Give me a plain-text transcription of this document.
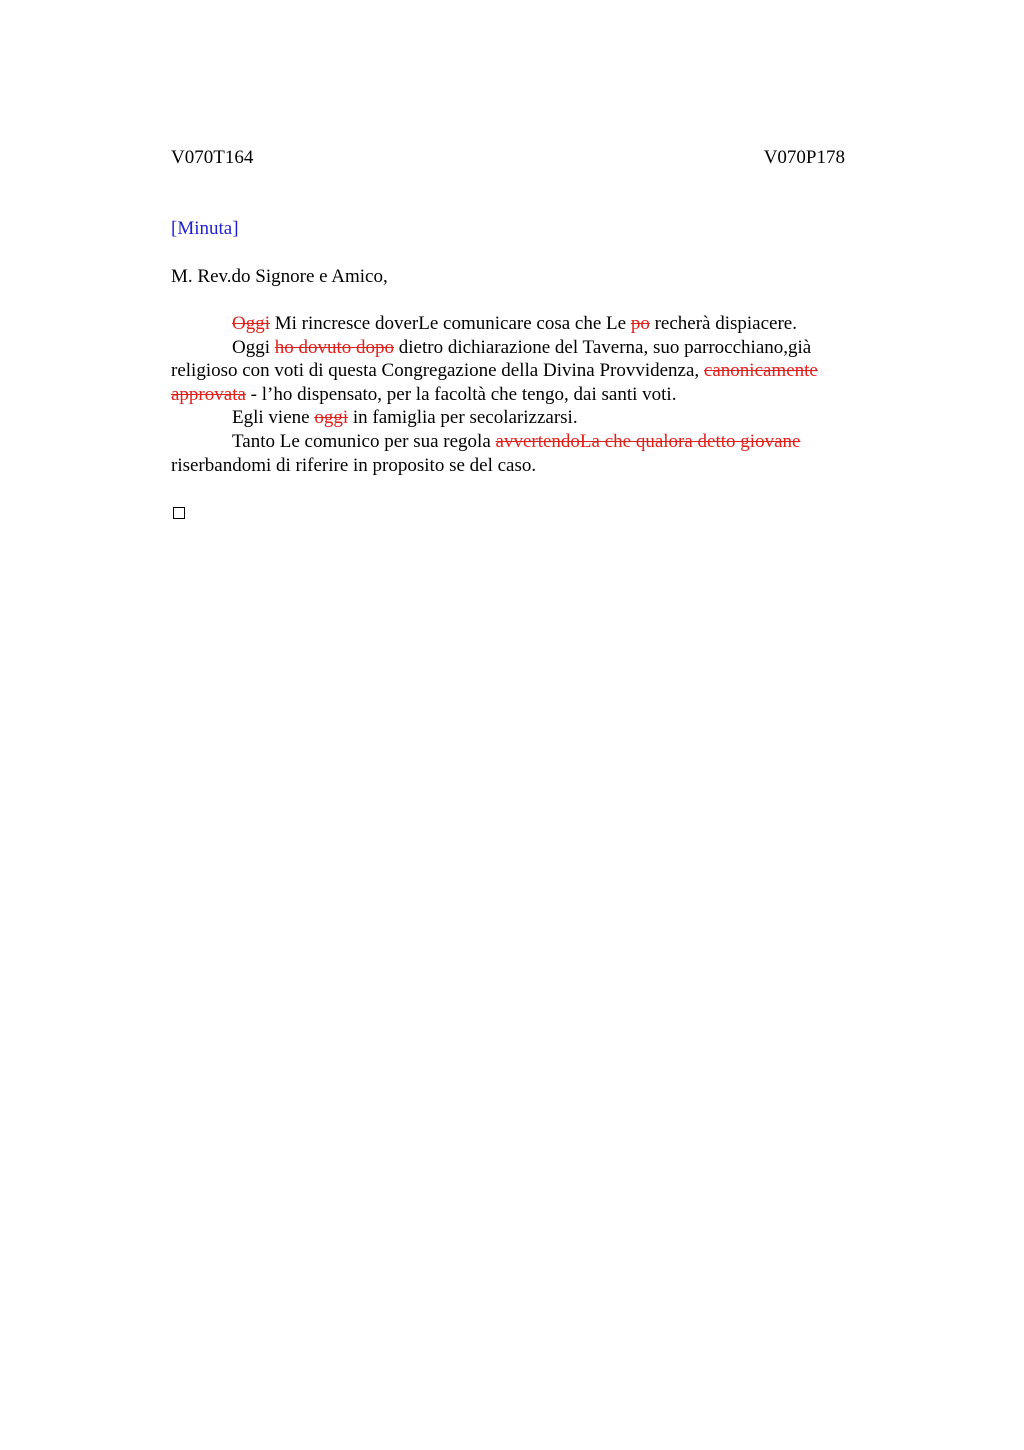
V070T164	V070P178
[Minuta]
M. Rev.do Signore e Amico,

Oggi Mi rincresce doverLe comunicare cosa che Le po recherà dispiacere.

Oggi ho dovuto dopo dietro dichiarazione del Taverna, suo parrocchiano,già religioso con voti di questa Congregazione della Divina Provvidenza, canonicamente approvata - l’ho dispensato, per la facoltà che tengo, dai santi voti.

Egli viene oggi in famiglia per secolarizzarsi.

Tanto Le comunico per sua regola avvertendoLa che qualora detto giovane riserbandomi di riferire in proposito se del caso.
